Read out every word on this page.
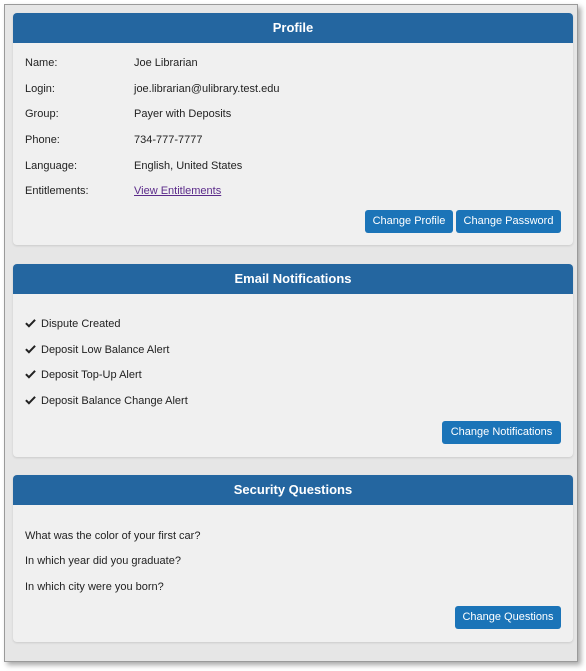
Profile
Name:	Joe Librarian
Login:	joe.librarian@ulibrary.test.edu
Group:	Payer with Deposits
Phone:	734-777-7777
Language:	English, United States
Entitlements:	View Entitlements
Change Profile	Change Password
Email Notifications
Dispute Created
Deposit Low Balance Alert
Deposit Top-Up Alert
Deposit Balance Change Alert
Change Notifications
Security Questions
What was the color of your first car?
In which year did you graduate?
In which city were you born?
Change Questions
